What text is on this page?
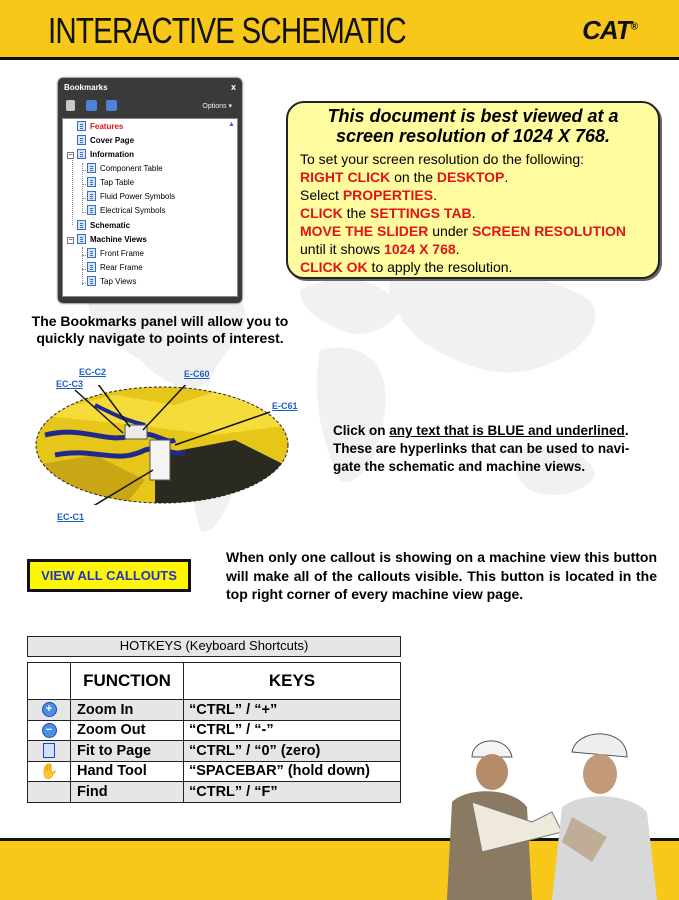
INTERACTIVE SCHEMATIC	CAT®
Bookmarks	x
Options ▾
▲
−
−
Features
Cover Page
Information
Component Table
Tap Table
Fluid Power Symbols
Electrical Symbols
Schematic
Machine Views
Front Frame
Rear Frame
Tap Views
The Bookmarks panel will allow you to quickly navigate to points of interest.
This document is best viewed at a
screen resolution of 1024 X 768.
To set your screen resolution do the following:
RIGHT CLICK on the DESKTOP.
Select PROPERTIES.
CLICK the SETTINGS TAB.
MOVE THE SLIDER under SCREEN RESOLUTION
until it shows 1024 X 768.
CLICK OK to apply the resolution.
EC-C2
EC-C3
E-C60
E-C61
EC-C1
Click on any text that is BLUE and underlined. These are hyperlinks that can be used to navi-gate the schematic and machine views.
VIEW ALL CALLOUTS
When only one callout is showing on a machine view this button will make all of the callouts visible. This button is located in the top right corner of every machine view page.
HOTKEYS (Keyboard Shortcuts)
	FUNCTION	KEYS
+	Zoom In	“CTRL” / “+”
−	Zoom Out	“CTRL” / “-”
	Fit to Page	“CTRL” / “0” (zero)
✋	Hand Tool	“SPACEBAR” (hold down)
	Find	“CTRL” / “F”
